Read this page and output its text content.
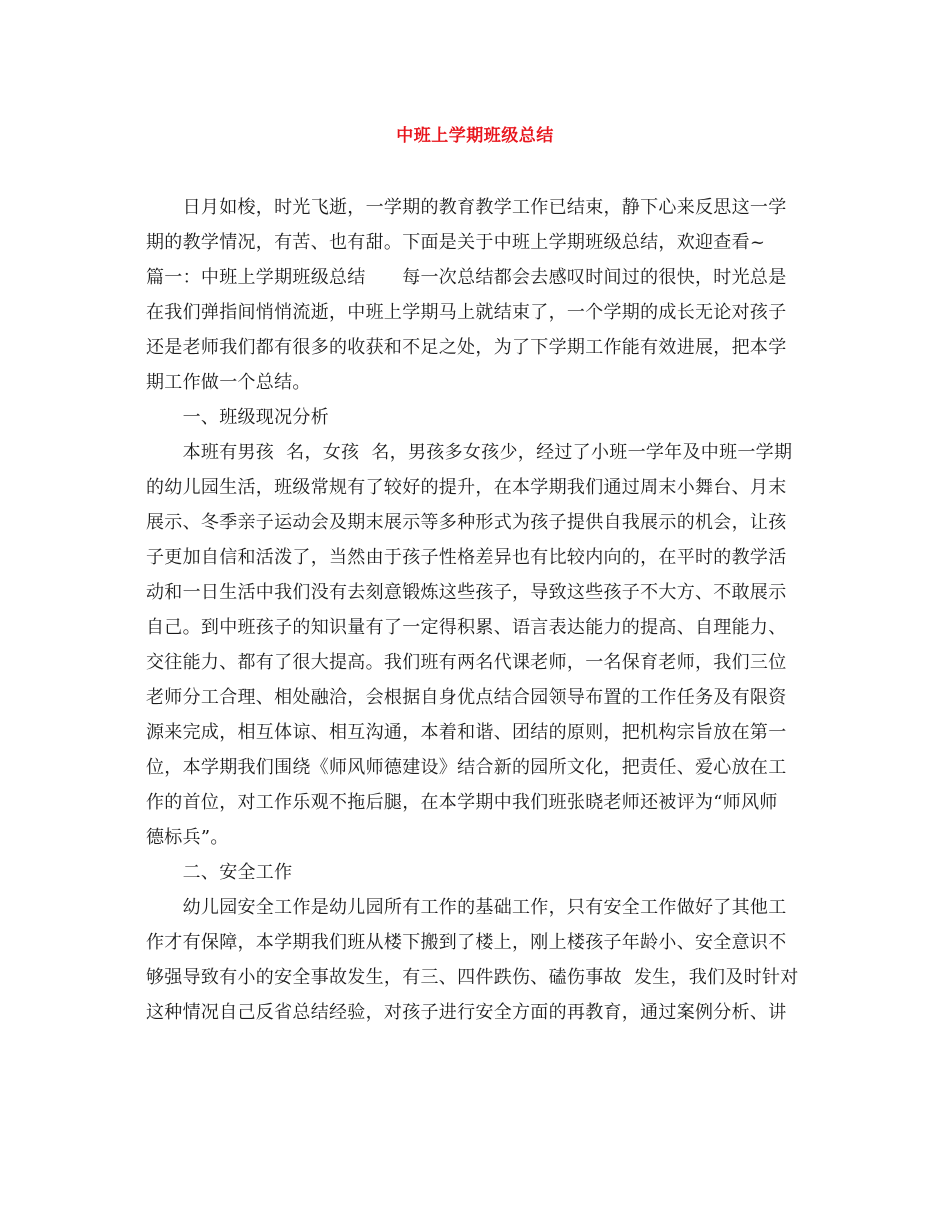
中班上学期班级总结
　　日月如梭，时光飞逝，一学期的教育教学工作已结束，静下心来反思这一学
期的教学情况，有苦、也有甜。下面是关于中班上学期班级总结，欢迎查看~
篇一：中班上学期班级总结　　每一次总结都会去感叹时间过的很快，时光总是
在我们弹指间悄悄流逝，中班上学期马上就结束了，一个学期的成长无论对孩子
还是老师我们都有很多的收获和不足之处，为了下学期工作能有效进展，把本学
期工作做一个总结。
　　一、班级现况分析
　　本班有男孩  名，女孩  名，男孩多女孩少，经过了小班一学年及中班一学期
的幼儿园生活，班级常规有了较好的提升，在本学期我们通过周末小舞台、月末
展示、冬季亲子运动会及期末展示等多种形式为孩子提供自我展示的机会，让孩
子更加自信和活泼了，当然由于孩子性格差异也有比较内向的，在平时的教学活
动和一日生活中我们没有去刻意锻炼这些孩子，导致这些孩子不大方、不敢展示
自己。到中班孩子的知识量有了一定得积累、语言表达能力的提高、自理能力、
交往能力、都有了很大提高。我们班有两名代课老师，一名保育老师，我们三位
老师分工合理、相处融洽，会根据自身优点结合园领导布置的工作任务及有限资
源来完成，相互体谅、相互沟通，本着和谐、团结的原则，把机构宗旨放在第一
位，本学期我们围绕《师风师德建设》结合新的园所文化，把责任、爱心放在工
作的首位，对工作乐观不拖后腿，在本学期中我们班张晓老师还被评为“师风师
德标兵”。
　　二、安全工作
　　幼儿园安全工作是幼儿园所有工作的基础工作，只有安全工作做好了其他工
作才有保障，本学期我们班从楼下搬到了楼上，刚上楼孩子年龄小、安全意识不
够强导致有小的安全事故发生，有三、四件跌伤、磕伤事故  发生，我们及时针对
这种情况自己反省总结经验，对孩子进行安全方面的再教育，通过案例分析、讲
